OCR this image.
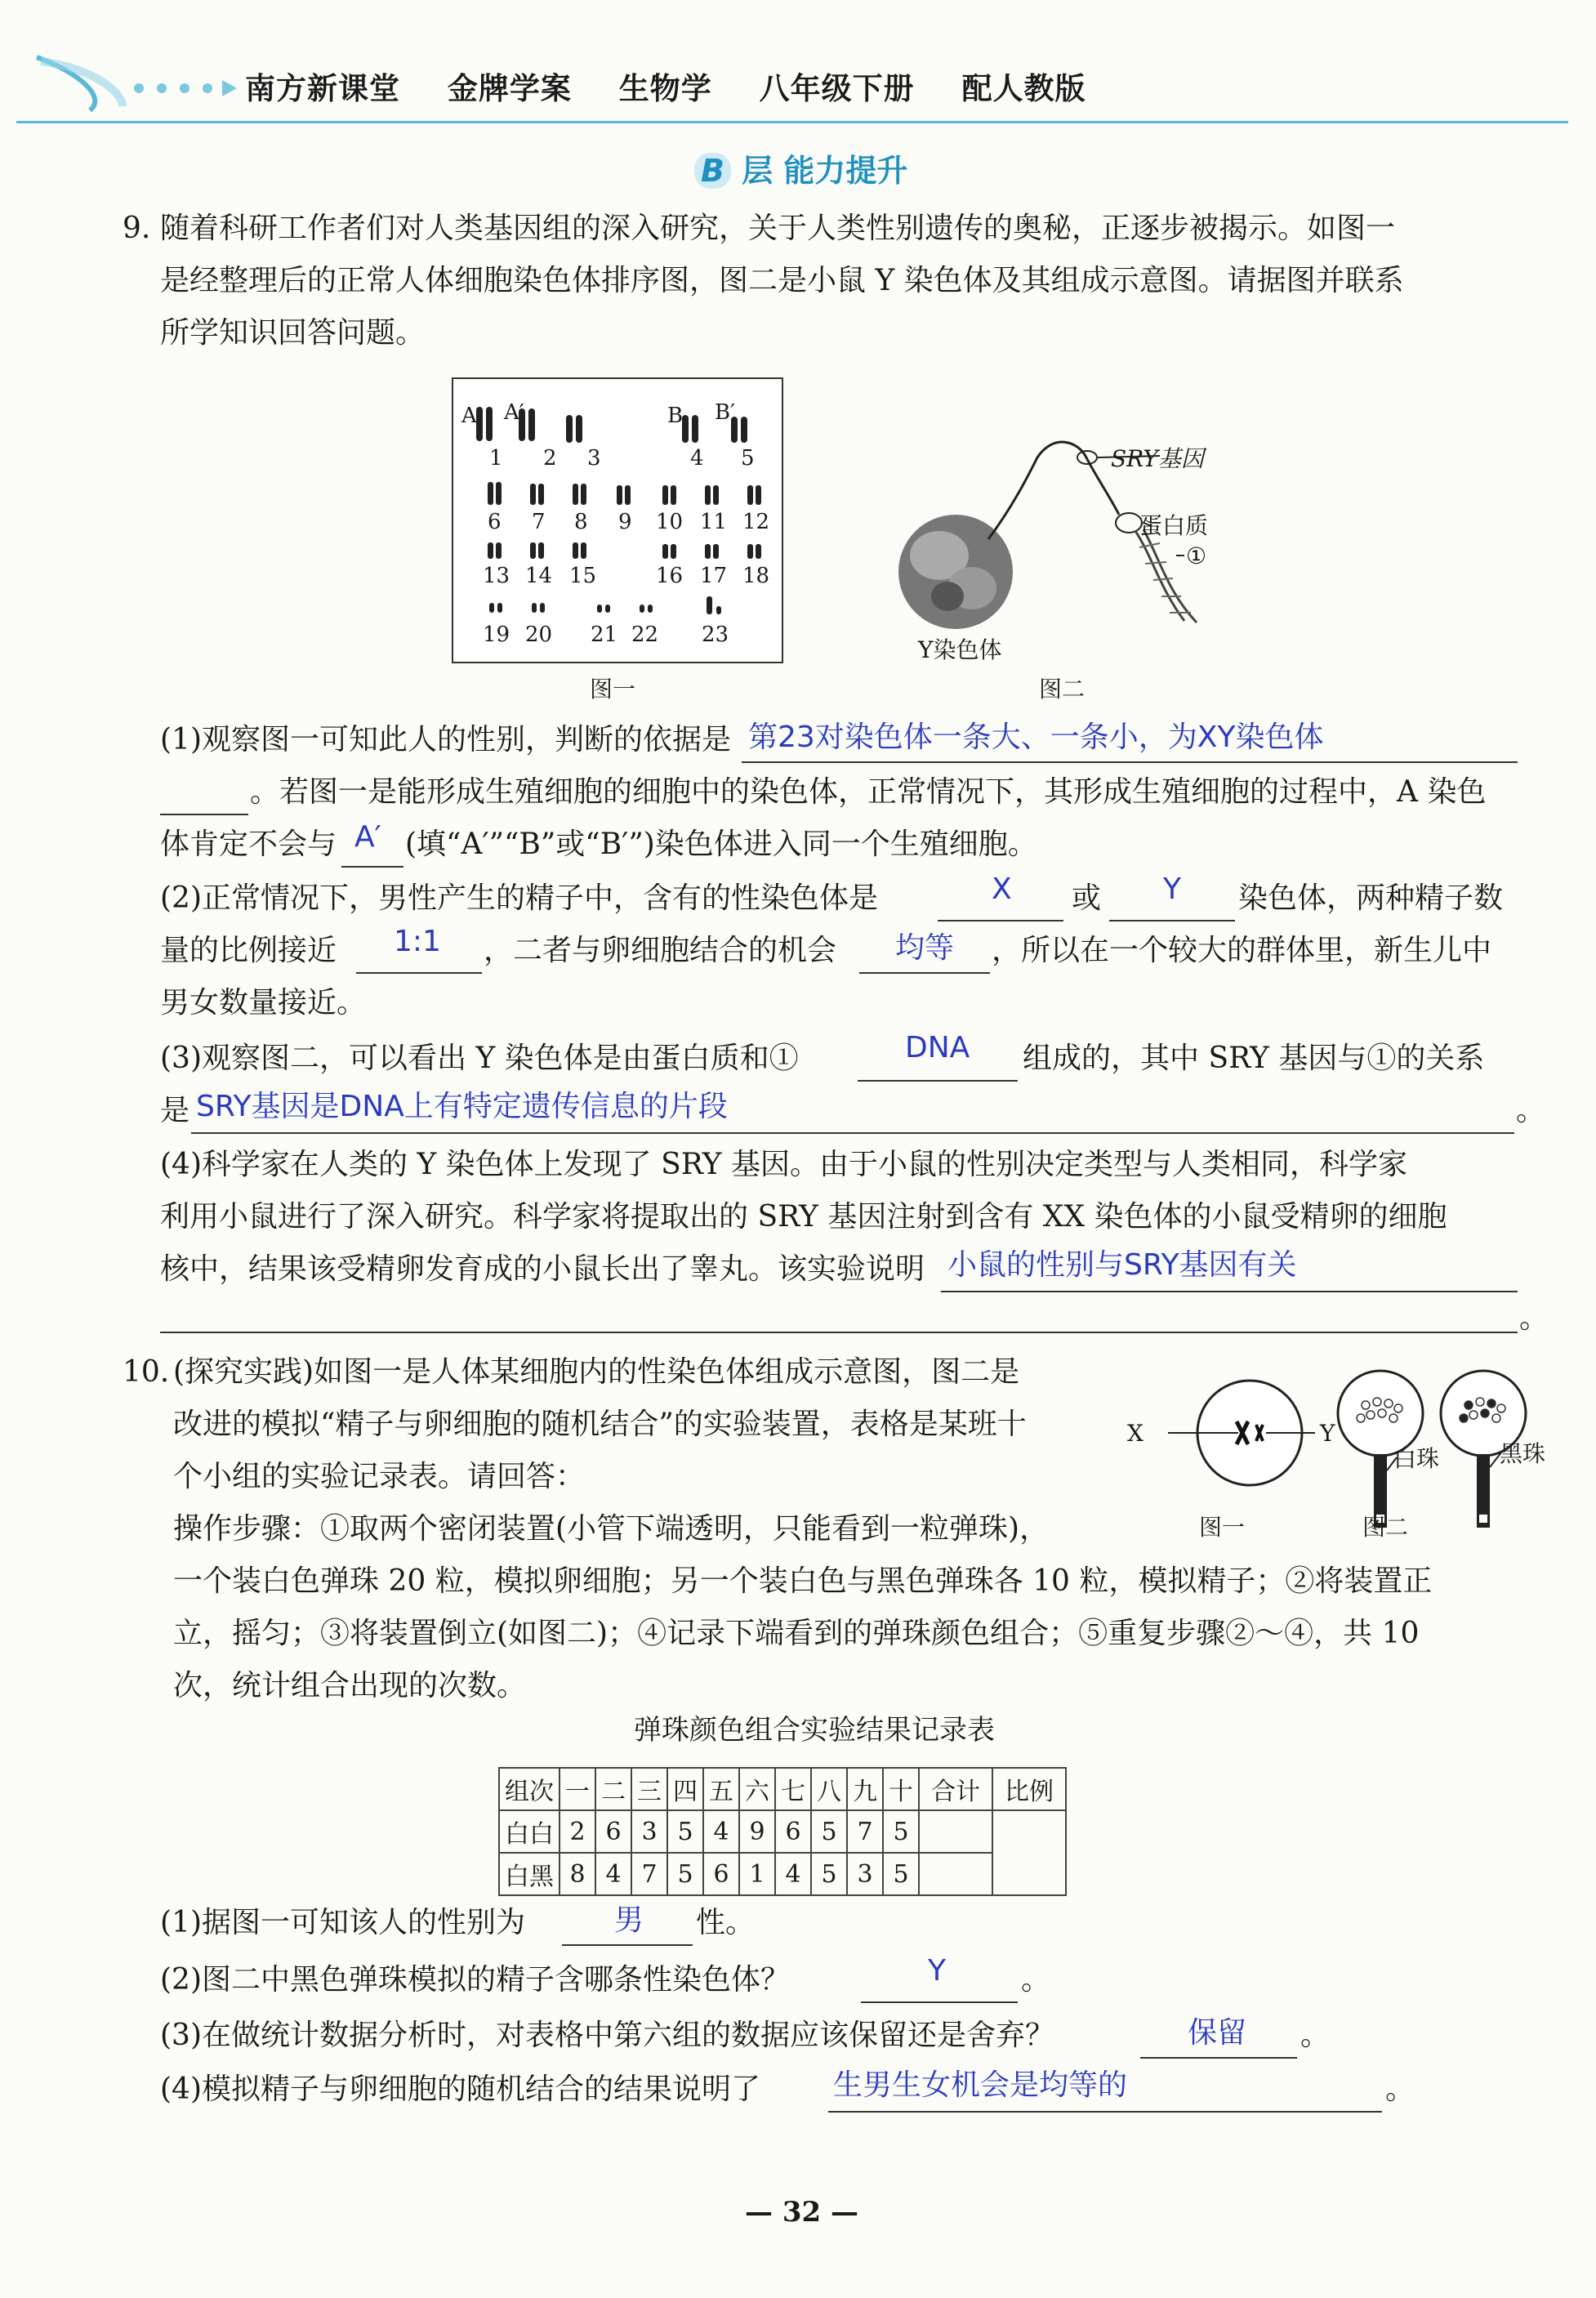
南方新课堂 金牌学案 生物学 八年级下册 配人教版
B 层 能力提升
9. 随着科研工作者们对人类基因组的深入研究，关于人类性别遗传的奥秘，正逐步被揭示。如图一
是经整理后的正常人体细胞染色体排序图，图二是小鼠 Y 染色体及其组成示意图。请据图并联系
所学知识回答问题。
A A′	B B′
1 2 3	4 5
6 7 8 9 10 11 12
13 14 15	16 17 18
19 20 21 22 23
图一
SRY基因
蛋白质
①
Y染色体
图二
(1)观察图一可知此人的性别，判断的依据是 第23对染色体一条大、一条小，为XY染色体
。若图一是能形成生殖细胞的细胞中的染色体，正常情况下，其形成生殖细胞的过程中，A 染色
体肯定不会与 A′ (填“A′”“B”或“B′”)染色体进入同一个生殖细胞。
(2)正常情况下，男性产生的精子中，含有的性染色体是	X 或 Y 染色体，两种精子数
量的比例接近 1:1 ，二者与卵细胞结合的机会 均等 ，所以在一个较大的群体里，新生儿中
男女数量接近。
(3)观察图二，可以看出 Y 染色体是由蛋白质和①	DNA 组成的，其中 SRY 基因与①的关系
是 SRY基因是DNA上有特定遗传信息的片段	。
(4)科学家在人类的 Y 染色体上发现了 SRY 基因。由于小鼠的性别决定类型与人类相同，科学家
利用小鼠进行了深入研究。科学家将提取出的 SRY 基因注射到含有 XX 染色体的小鼠受精卵的细胞
核中，结果该受精卵发育成的小鼠长出了睾丸。该实验说明 小鼠的性别与SRY基因有关
。
10. (探究实践)如图一是人体某细胞内的性染色体组成示意图，图二是
改进的模拟“精子与卵细胞的随机结合”的实验装置，表格是某班十
个小组的实验记录表。请回答：
操作步骤：①取两个密闭装置(小管下端透明，只能看到一粒弹珠)，
一个装白色弹珠 20 粒，模拟卵细胞；另一个装白色与黑色弹珠各 10 粒，模拟精子；②将装置正
立，摇匀；③将装置倒立(如图二)；④记录下端看到的弹珠颜色组合；⑤重复步骤②～④，共 10
次，统计组合出现的次数。
X	Y
白珠	黑珠
图一	图二
弹珠颜色组合实验结果记录表
组次	一	二	三	四	五	六	七	八	九	十	合计	比例
白白	2	6	3	5	4	9	6	5	7	5		
白黑	8	4	7	5	6	1	4	5	3	5		
(1)据图一可知该人的性别为	男 性。
(2)图二中黑色弹珠模拟的精子含哪条性染色体？	Y	。
(3)在做统计数据分析时，对表格中第六组的数据应该保留还是舍弃？	保留 。
(4)模拟精子与卵细胞的随机结合的结果说明了 生男生女机会是均等的	。
— 32 —
